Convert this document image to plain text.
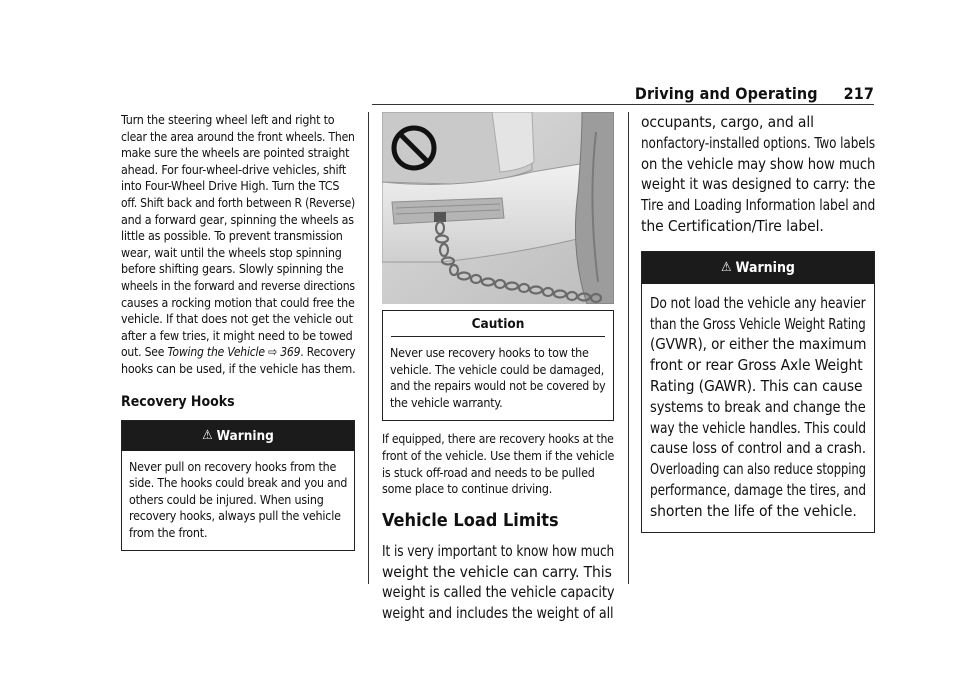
Driving and Operating 217
Turn the steering wheel left and right to
clear the area around the front wheels. Then
make sure the wheels are pointed straight
ahead. For four-wheel-drive vehicles, shift
into Four-Wheel Drive High. Turn the TCS
off. Shift back and forth between R (Reverse)
and a forward gear, spinning the wheels as
little as possible. To prevent transmission
wear, wait until the wheels stop spinning
before shifting gears. Slowly spinning the
wheels in the forward and reverse directions
causes a rocking motion that could free the
vehicle. If that does not get the vehicle out
after a few tries, it might need to be towed
out. See Towing the Vehicle ⇨ 369. Recovery
hooks can be used, if the vehicle has them.
Recovery Hooks
⚠ Warning
Never pull on recovery hooks from the
side. The hooks could break and you and
others could be injured. When using
recovery hooks, always pull the vehicle
from the front.
Caution
Never use recovery hooks to tow the
vehicle. The vehicle could be damaged,
and the repairs would not be covered by
the vehicle warranty.
If equipped, there are recovery hooks at the
front of the vehicle. Use them if the vehicle
is stuck off-road and needs to be pulled
some place to continue driving.
Vehicle Load Limits
It is very important to know how much
weight the vehicle can carry. This
weight is called the vehicle capacity
weight and includes the weight of all
occupants, cargo, and all
nonfactory-installed options. Two labels
on the vehicle may show how much
weight it was designed to carry: the
Tire and Loading Information label and
the Certification/Tire label.
⚠ Warning
Do not load the vehicle any heavier
than the Gross Vehicle Weight Rating
(GVWR), or either the maximum
front or rear Gross Axle Weight
Rating (GAWR). This can cause
systems to break and change the
way the vehicle handles. This could
cause loss of control and a crash.
Overloading can also reduce stopping
performance, damage the tires, and
shorten the life of the vehicle.
